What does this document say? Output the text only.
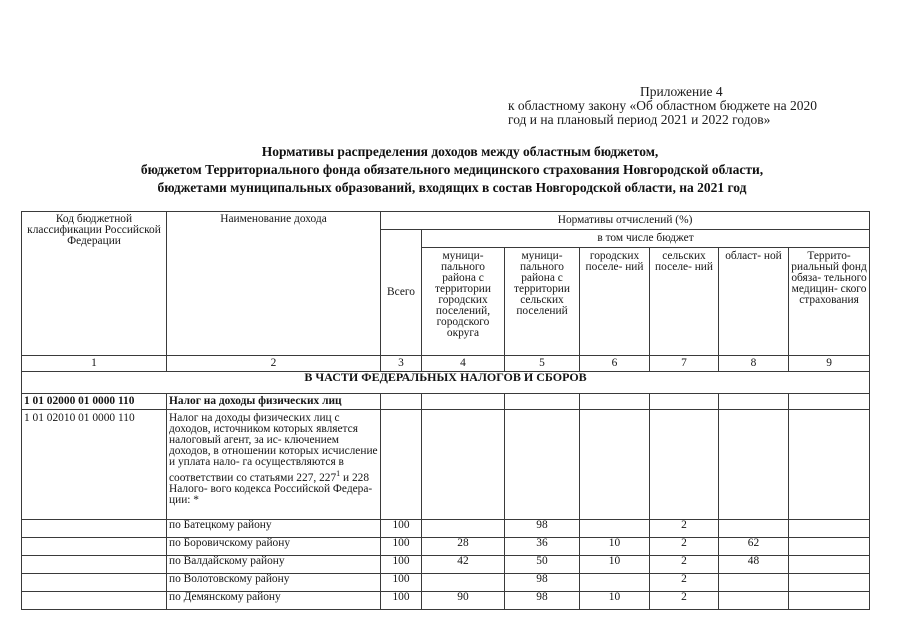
Приложение 4
к областному закону «Об областном бюджете на 2020
год и на плановый период 2021 и 2022 годов»
Нормативы распределения доходов между областным бюджетом,
бюджетом Территориального фонда обязательного медицинского страхования Новгородской области,
бюджетами муниципальных образований, входящих в состав Новгородской области, на 2021 год
Код бюджетной классификации Российской Федерации	Наименование дохода	Нормативы отчислений (%)						
		Всего	в том числе бюджет					
			муници- пального района с территории городских поселений, городского округа	муници- пального района с территории сельских поселений	городских поселе- ний	сельских поселе- ний	област- ной	Террито- риальный фонд обяза- тельного медицин- ского страхования
1	2	3	4	5	6	7	8	9
В ЧАСТИ ФЕДЕРАЛЬНЫХ НАЛОГОВ И СБОРОВ								
1 01 02000 01 0000 110	Налог на доходы физических лиц							
1 01 02010 01 0000 110	Налог на доходы физических лиц с доходов, источником которых является налоговый агент, за ис- ключением доходов, в отношении которых исчисление и уплата нало- га осуществляются в соответствии со статьями 227, $227^1$ и 228 Налого- вого кодекса Российской Федера- ции: *							
	по Батецкому району	100		98		2		
	по Боровичскому району	100	28	36	10	2	62	
	по Валдайскому району	100	42	50	10	2	48	
	по Волотовскому району	100		98		2		
	по Демянскому району	100	90	98	10	2		
